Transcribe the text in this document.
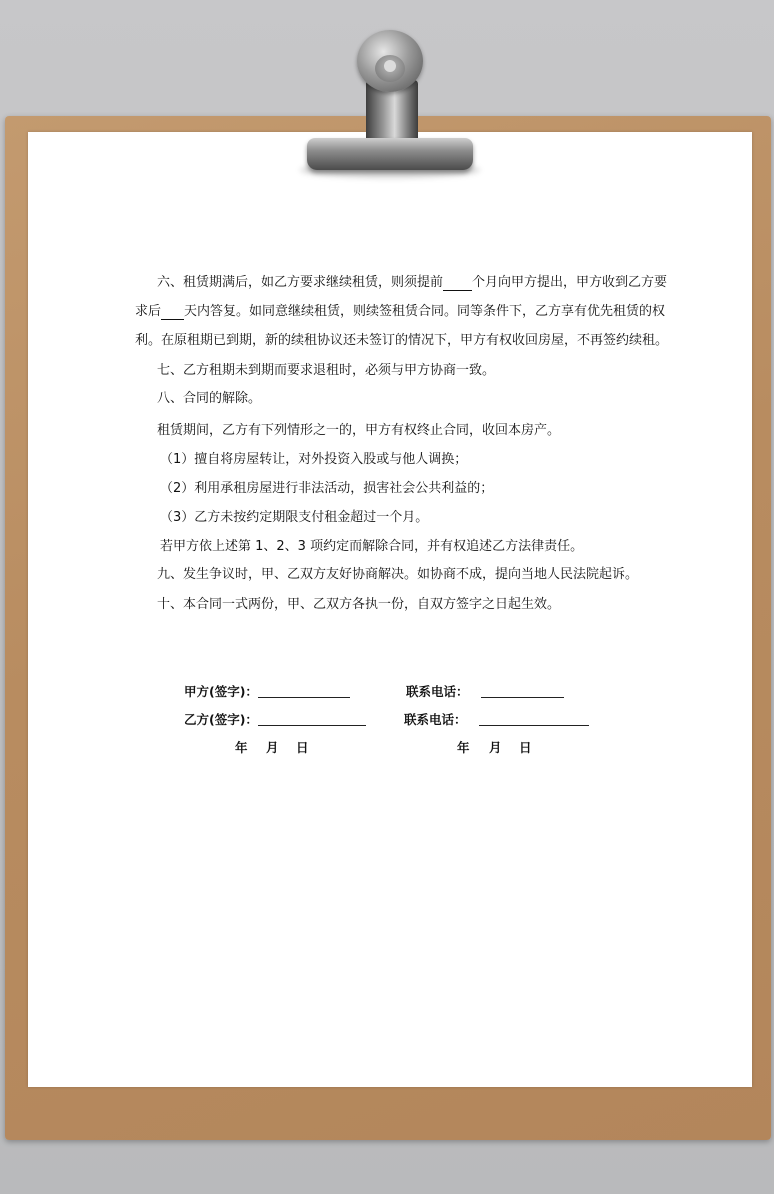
六、租赁期满后，如乙方要求继续租赁，则须提前 个月向甲方提出，甲方收到乙方要
求后 天内答复。如同意继续租赁，则续签租赁合同。同等条件下，乙方享有优先租赁的权
利。在原租期已到期，新的续租协议还未签订的情况下，甲方有权收回房屋，不再签约续租。
七、乙方租期未到期而要求退租时，必须与甲方协商一致。
八、合同的解除。
租赁期间，乙方有下列情形之一的，甲方有权终止合同，收回本房产。
（1）擅自将房屋转让，对外投资入股或与他人调换；
（2）利用承租房屋进行非法活动，损害社会公共利益的；
（3）乙方未按约定期限支付租金超过一个月。
若甲方依上述第 1、2、3 项约定而解除合同，并有权追述乙方法律责任。
九、发生争议时，甲、乙双方友好协商解决。如协商不成，提向当地人民法院起诉。
十、本合同一式两份，甲、乙双方各执一份，自双方签字之日起生效。
甲方(签字)：	联系电话：
乙方(签字)：	联系电话：
年 月 日	年 月 日
